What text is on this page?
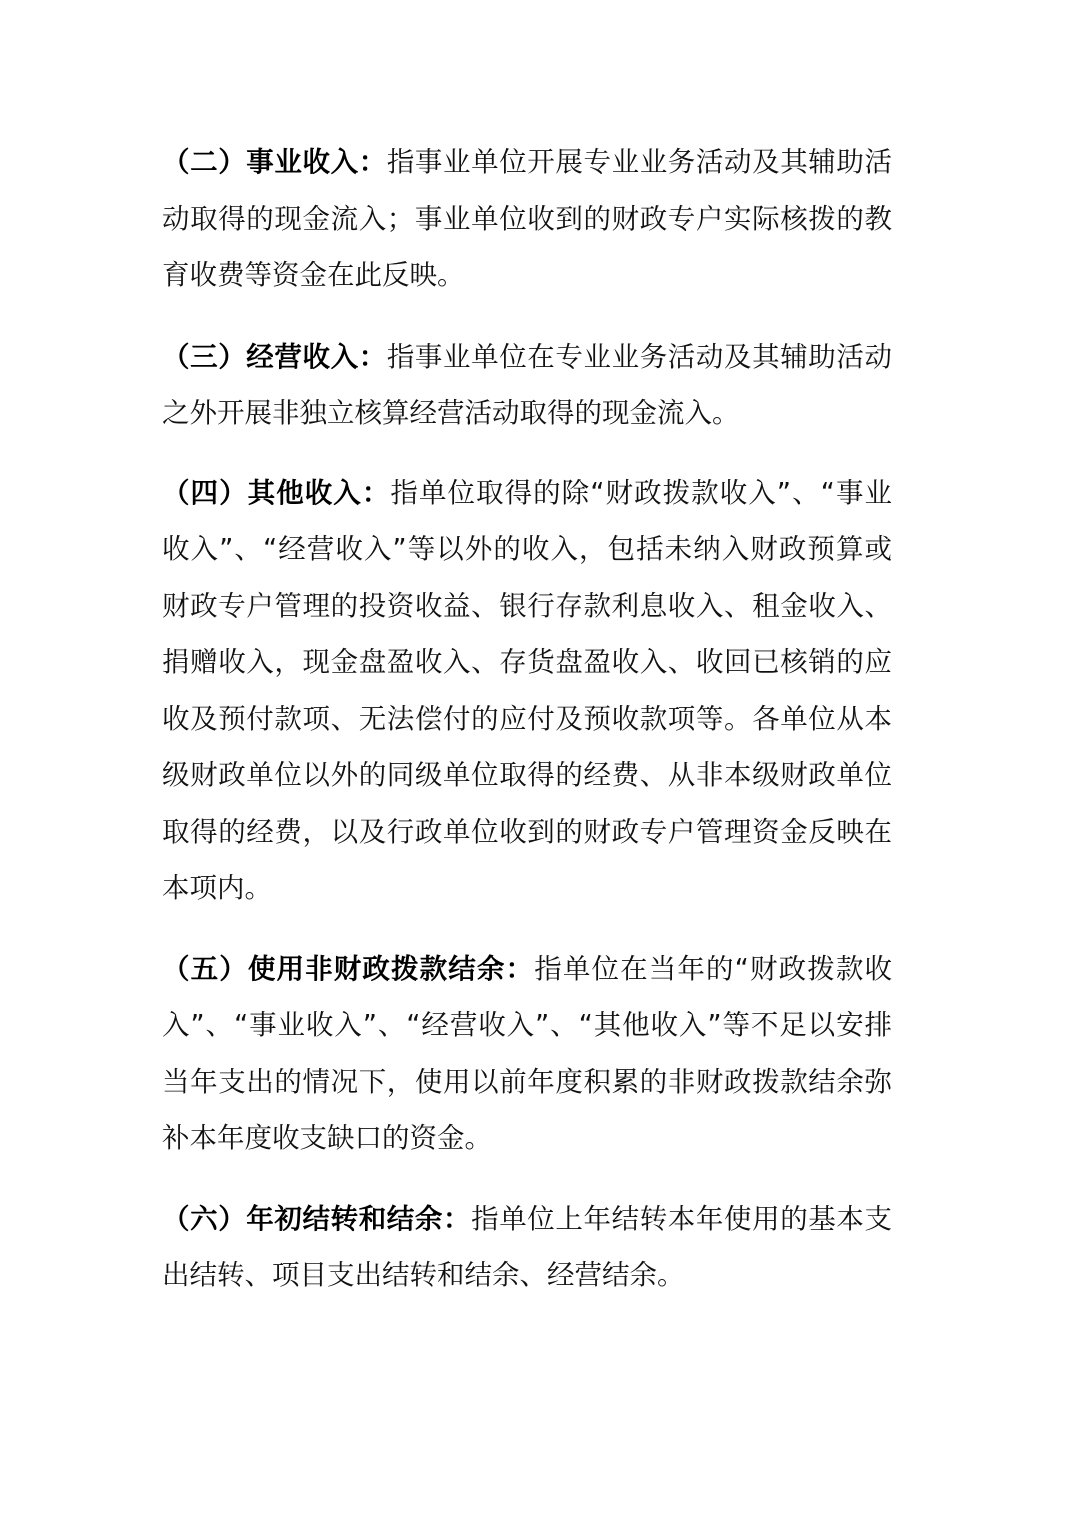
（二）事业收入：指事业单位开展专业业务活动及其辅助活动取得的现金流入；事业单位收到的财政专户实际核拨的教育收费等资金在此反映。

（三）经营收入：指事业单位在专业业务活动及其辅助活动之外开展非独立核算经营活动取得的现金流入。

（四）其他收入：指单位取得的除“财政拨款收入”、“事业收入”、“经营收入”等以外的收入，包括未纳入财政预算或财政专户管理的投资收益、银行存款利息收入、租金收入、捐赠收入，现金盘盈收入、存货盘盈收入、收回已核销的应收及预付款项、无法偿付的应付及预收款项等。各单位从本级财政单位以外的同级单位取得的经费、从非本级财政单位取得的经费，以及行政单位收到的财政专户管理资金反映在本项内。

（五）使用非财政拨款结余：指单位在当年的“财政拨款收入”、“事业收入”、“经营收入”、“其他收入”等不足以安排当年支出的情况下，使用以前年度积累的非财政拨款结余弥补本年度收支缺口的资金。

（六）年初结转和结余：指单位上年结转本年使用的基本支出结转、项目支出结转和结余、经营结余。
